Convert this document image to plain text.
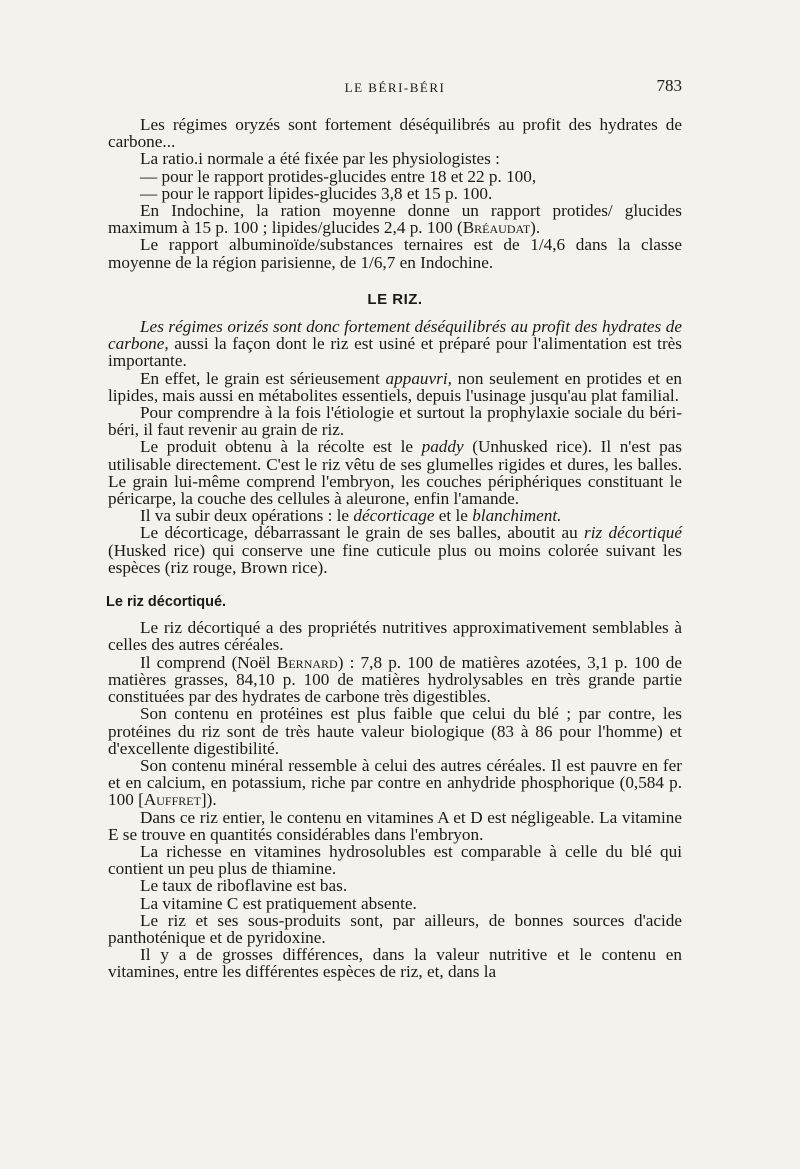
LE BÉRI-BÉRI	783

Les régimes oryzés sont fortement déséquilibrés au profit des hydrates de carbone...

La ratio.i normale a été fixée par les physiologistes :

— pour le rapport protides-glucides entre 18 et 22 p. 100,

— pour le rapport lipides-glucides 3,8 et 15 p. 100.

En Indochine, la ration moyenne donne un rapport protides/ glucides maximum à 15 p. 100 ; lipides/glucides 2,4 p. 100 (Bréaudat).

Le rapport albuminoïde/substances ternaires est de 1/4,6 dans la classe moyenne de la région parisienne, de 1/6,7 en Indochine.

LE RIZ.

Les régimes orizés sont donc fortement déséquilibrés au profit des hydrates de carbone, aussi la façon dont le riz est usiné et préparé pour l'alimentation est très importante.

En effet, le grain est sérieusement appauvri, non seulement en protides et en lipides, mais aussi en métabolites essentiels, depuis l'usinage jusqu'au plat familial.

Pour comprendre à la fois l'étiologie et surtout la prophylaxie sociale du béri-béri, il faut revenir au grain de riz.

Le produit obtenu à la récolte est le paddy (Unhusked rice). Il n'est pas utilisable directement. C'est le riz vêtu de ses glumelles rigides et dures, les balles. Le grain lui-même comprend l'embryon, les couches périphériques constituant le péricarpe, la couche des cellules à aleurone, enfin l'amande.

Il va subir deux opérations : le décorticage et le blanchiment.

Le décorticage, débarrassant le grain de ses balles, aboutit au riz décortiqué (Husked rice) qui conserve une fine cuticule plus ou moins colorée suivant les espèces (riz rouge, Brown rice).

Le riz décortiqué.

Le riz décortiqué a des propriétés nutritives approximativement semblables à celles des autres céréales.

Il comprend (Noël Bernard) : 7,8 p. 100 de matières azotées, 3,1 p. 100 de matières grasses, 84,10 p. 100 de matières hydrolysables en très grande partie constituées par des hydrates de carbone très digestibles.

Son contenu en protéines est plus faible que celui du blé ; par contre, les protéines du riz sont de très haute valeur biologique (83 à 86 pour l'homme) et d'excellente digestibilité.

Son contenu minéral ressemble à celui des autres céréales. Il est pauvre en fer et en calcium, en potassium, riche par contre en anhydride phosphorique (0,584 p. 100 [Auffret]).

Dans ce riz entier, le contenu en vitamines A et D est négligeable. La vitamine E se trouve en quantités considérables dans l'embryon.

La richesse en vitamines hydrosolubles est comparable à celle du blé qui contient un peu plus de thiamine.

Le taux de riboflavine est bas.

La vitamine C est pratiquement absente.

Le riz et ses sous-produits sont, par ailleurs, de bonnes sources d'acide panthoténique et de pyridoxine.

Il y a de grosses différences, dans la valeur nutritive et le contenu en vitamines, entre les différentes espèces de riz, et, dans la
